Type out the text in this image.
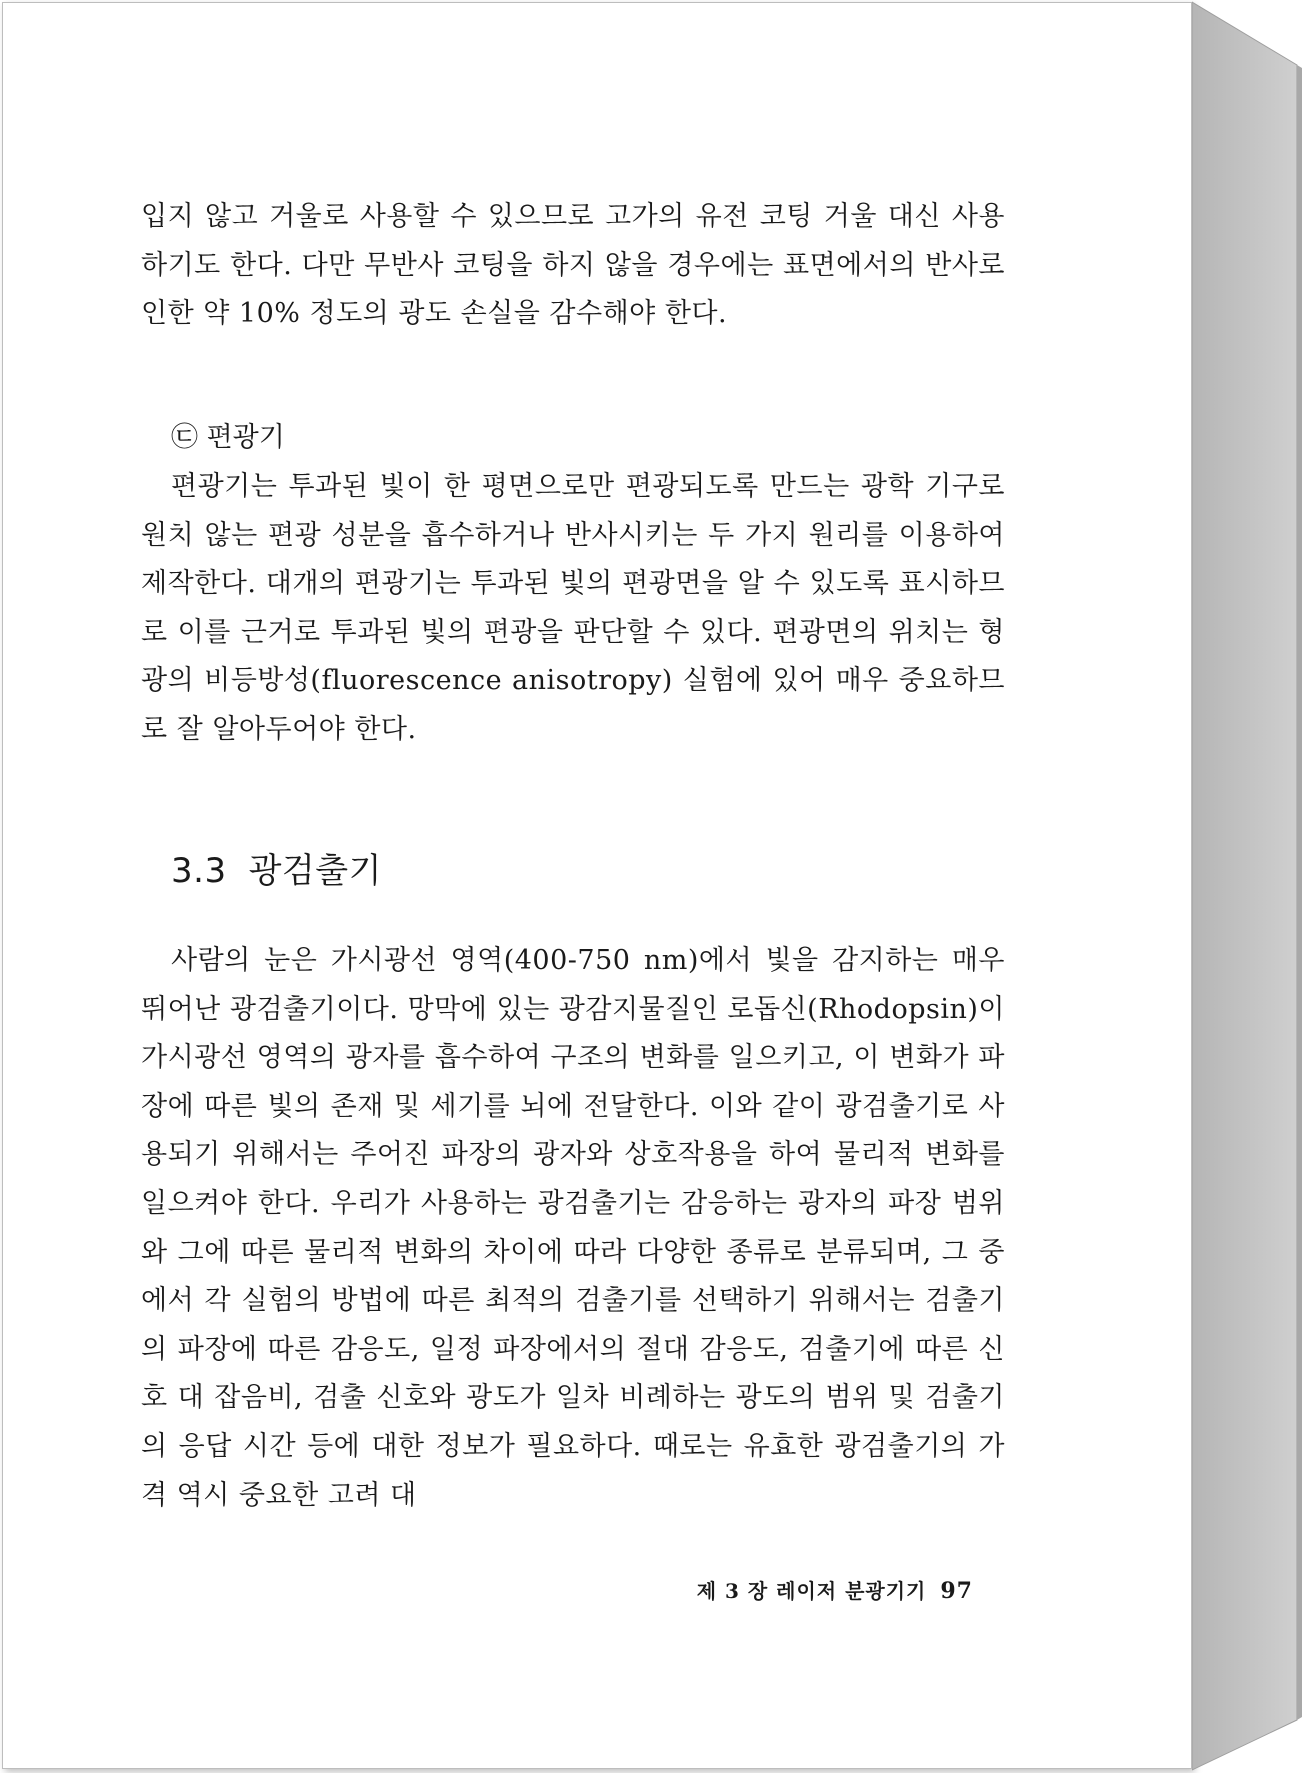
입지 않고 거울로 사용할 수 있으므로 고가의 유전 코팅 거울 대신 사용하기도 한다. 다만 무반사 코팅을 하지 않을 경우에는 표면에서의 반사로 인한 약 10% 정도의 광도 손실을 감수해야 한다.

㉢ 편광기

편광기는 투과된 빛이 한 평면으로만 편광되도록 만드는 광학 기구로 원치 않는 편광 성분을 흡수하거나 반사시키는 두 가지 원리를 이용하여 제작한다. 대개의 편광기는 투과된 빛의 편광면을 알 수 있도록 표시하므로 이를 근거로 투과된 빛의 편광을 판단할 수 있다. 편광면의 위치는 형광의 비등방성(fluorescence anisotropy) 실험에 있어 매우 중요하므로 잘 알아두어야 한다.

3.3 광검출기

사람의 눈은 가시광선 영역(400-750 nm)에서 빛을 감지하는 매우 뛰어난 광검출기이다. 망막에 있는 광감지물질인 로돕신(Rhodopsin)이 가시광선 영역의 광자를 흡수하여 구조의 변화를 일으키고, 이 변화가 파장에 따른 빛의 존재 및 세기를 뇌에 전달한다. 이와 같이 광검출기로 사용되기 위해서는 주어진 파장의 광자와 상호작용을 하여 물리적 변화를 일으켜야 한다. 우리가 사용하는 광검출기는 감응하는 광자의 파장 범위와 그에 따른 물리적 변화의 차이에 따라 다양한 종류로 분류되며, 그 중에서 각 실험의 방법에 따른 최적의 검출기를 선택하기 위해서는 검출기의 파장에 따른 감응도, 일정 파장에서의 절대 감응도, 검출기에 따른 신호 대 잡음비, 검출 신호와 광도가 일차 비례하는 광도의 범위 및 검출기의 응답 시간 등에 대한 정보가 필요하다. 때로는 유효한 광검출기의 가격 역시 중요한 고려 대

제 3 장 레이저 분광기기 97
